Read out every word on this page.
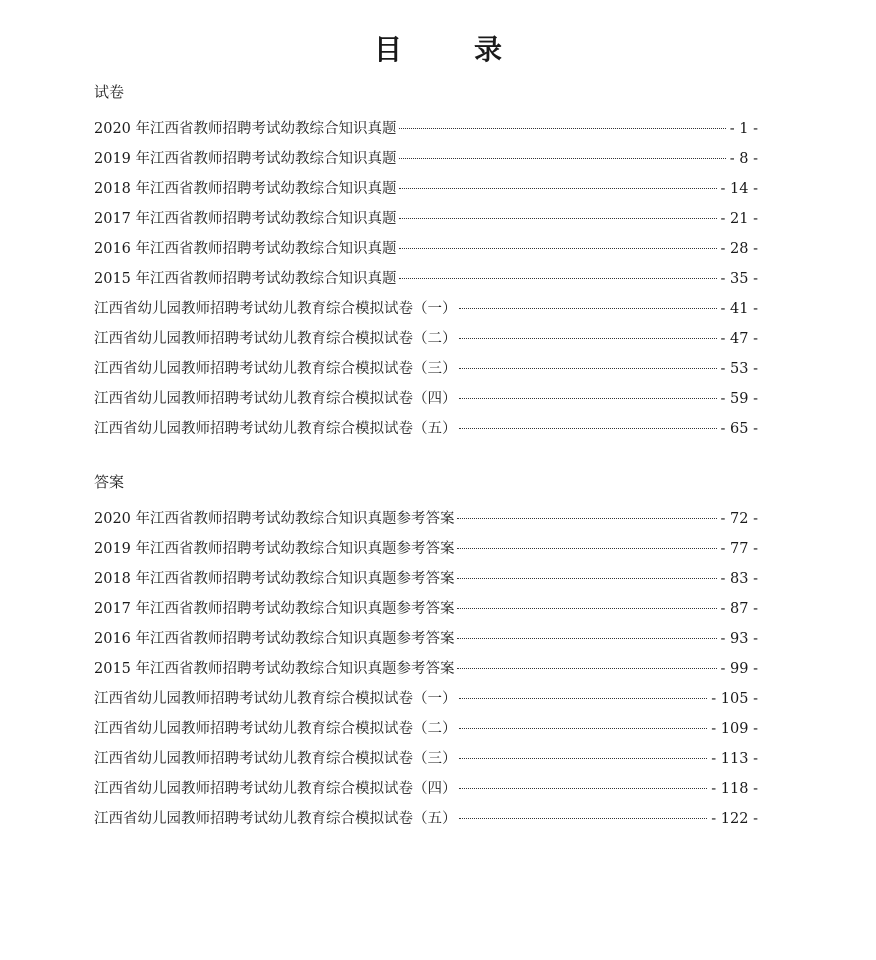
目　录
试卷
2020 年江西省教师招聘考试幼教综合知识真题	- 1 -
2019 年江西省教师招聘考试幼教综合知识真题	- 8 -
2018 年江西省教师招聘考试幼教综合知识真题	- 14 -
2017 年江西省教师招聘考试幼教综合知识真题	- 21 -
2016 年江西省教师招聘考试幼教综合知识真题	- 28 -
2015 年江西省教师招聘考试幼教综合知识真题	- 35 -
江西省幼儿园教师招聘考试幼儿教育综合模拟试卷（一）	- 41 -
江西省幼儿园教师招聘考试幼儿教育综合模拟试卷（二）	- 47 -
江西省幼儿园教师招聘考试幼儿教育综合模拟试卷（三）	- 53 -
江西省幼儿园教师招聘考试幼儿教育综合模拟试卷（四）	- 59 -
江西省幼儿园教师招聘考试幼儿教育综合模拟试卷（五）	- 65 -
答案
2020 年江西省教师招聘考试幼教综合知识真题参考答案	- 72 -
2019 年江西省教师招聘考试幼教综合知识真题参考答案	- 77 -
2018 年江西省教师招聘考试幼教综合知识真题参考答案	- 83 -
2017 年江西省教师招聘考试幼教综合知识真题参考答案	- 87 -
2016 年江西省教师招聘考试幼教综合知识真题参考答案	- 93 -
2015 年江西省教师招聘考试幼教综合知识真题参考答案	- 99 -
江西省幼儿园教师招聘考试幼儿教育综合模拟试卷（一）	- 105 -
江西省幼儿园教师招聘考试幼儿教育综合模拟试卷（二）	- 109 -
江西省幼儿园教师招聘考试幼儿教育综合模拟试卷（三）	- 113 -
江西省幼儿园教师招聘考试幼儿教育综合模拟试卷（四）	- 118 -
江西省幼儿园教师招聘考试幼儿教育综合模拟试卷（五）	- 122 -
